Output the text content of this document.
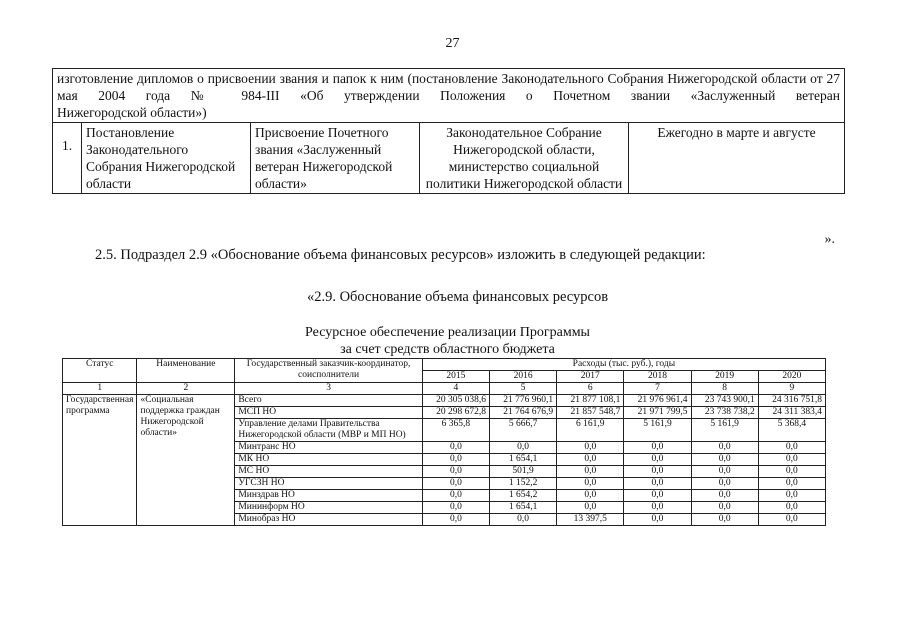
27
изготовление дипломов о присвоении звания и папок к ним (постановление Законодательного Собрания Нижегородской области от 27 мая 2004 года № 984-III «Об утверждении Положения о Почетном звании «Заслуженный ветеран
Нижегородской области»)

1.	Постановление Законодательного Собрания Нижегородской области	Присвоение Почетного звания «Заслуженный ветеран Нижегородской области»	Законодательное Собрание Нижегородской области, министерство социальной политики Нижегородской области	Ежегодно в марте и августе
».
2.5. Подраздел 2.9 «Обоснование объема финансовых ресурсов» изложить в следующей редакции:
«2.9. Обоснование объема финансовых ресурсов
Ресурсное обеспечение реализации Программы
за счет средств областного бюджета
Статус	Наименование	Государственный заказчик-координатор, соисполнители	Расходы (тыс. руб.), годы					
			2015	2016	2017	2018	2019	2020
1	2	3	4	5	6	7	8	9
Государственная программа	«Социальная поддержка граждан Нижегородской области»	Всего	20 305 038,6	21 776 960,1	21 877 108,1	21 976 961,4	23 743 900,1	24 316 751,8
		МСП НО	20 298 672,8	21 764 676,9	21 857 548,7	21 971 799,5	23 738 738,2	24 311 383,4
		Управление делами Правительства Нижегородской области (МВР и МП НО)	6 365,8	5 666,7	6 161,9	5 161,9	5 161,9	5 368,4
		Минтранс НО	0,0	0,0	0,0	0,0	0,0	0,0
		МК НО	0,0	1 654,1	0,0	0,0	0,0	0,0
		МС НО	0,0	501,9	0,0	0,0	0,0	0,0
		УГСЗН НО	0,0	1 152,2	0,0	0,0	0,0	0,0
		Минздрав НО	0,0	1 654,2	0,0	0,0	0,0	0,0
		Мининформ НО	0,0	1 654,1	0,0	0,0	0,0	0,0
		Минобраз НО	0,0	0,0	13 397,5	0,0	0,0	0,0
